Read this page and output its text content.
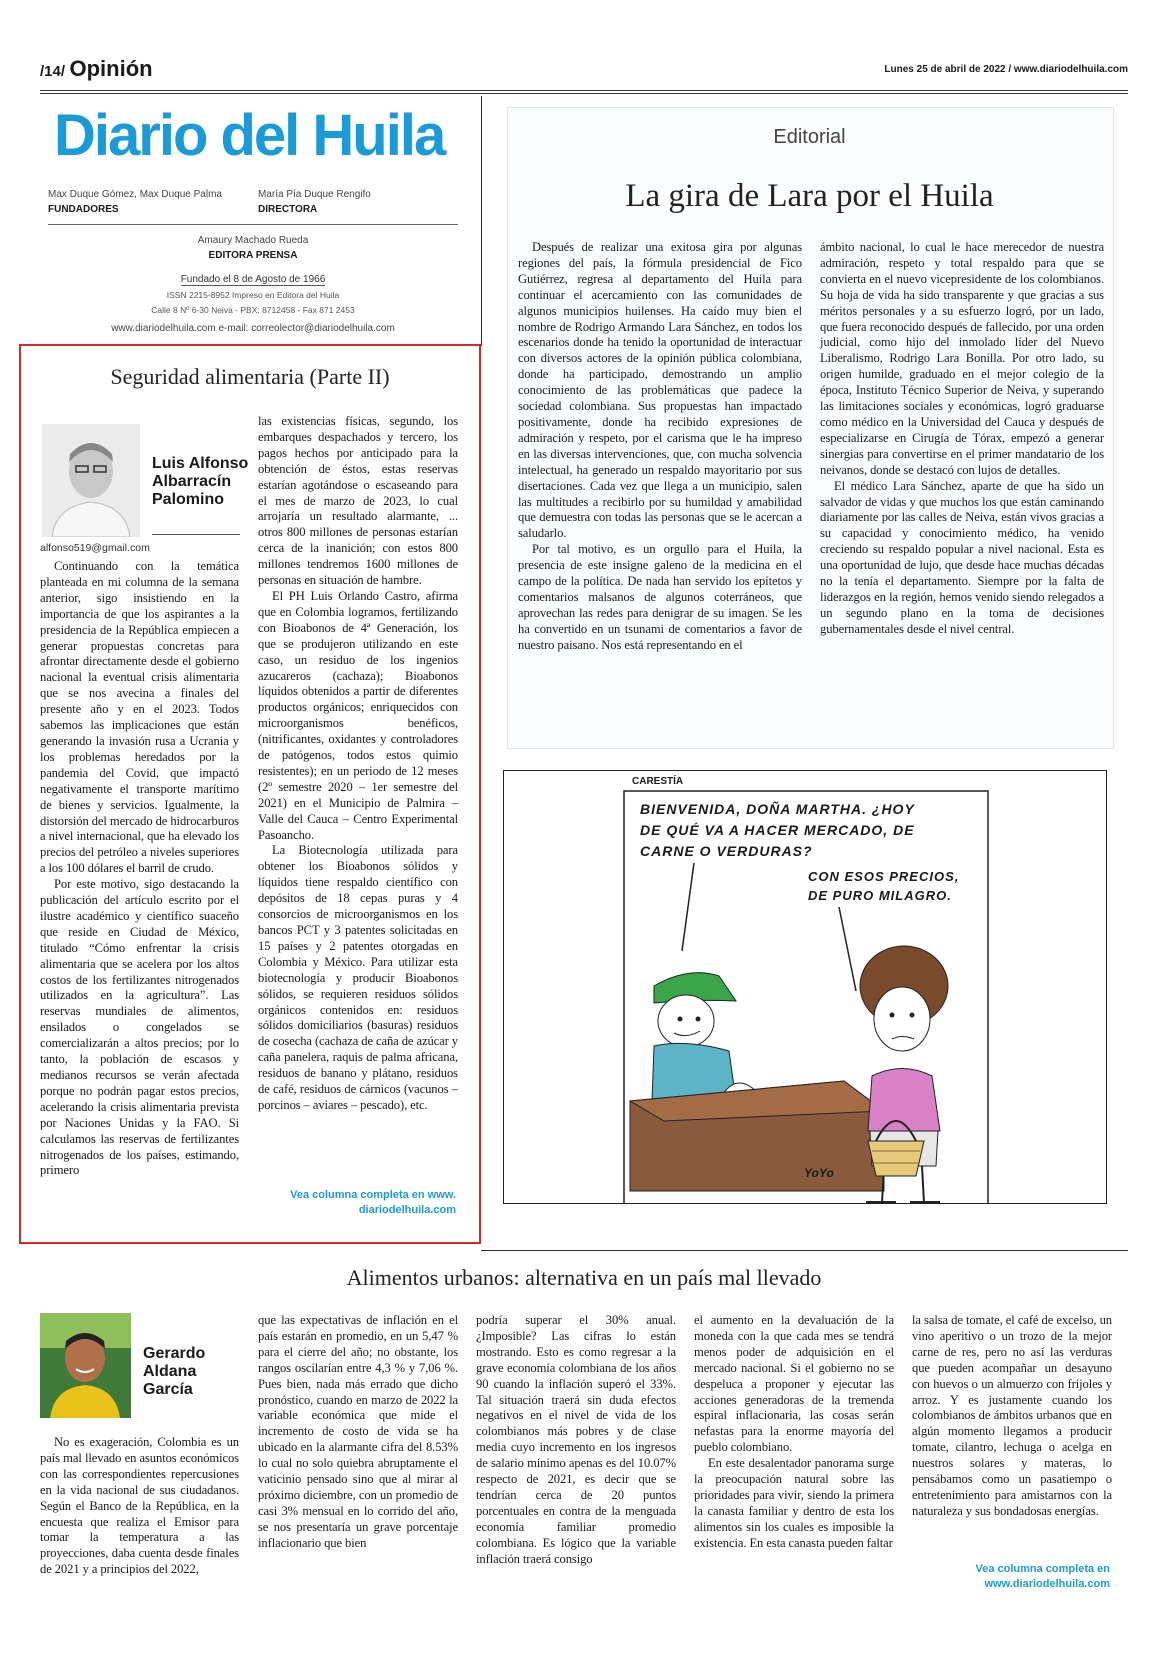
/14/ Opinión	Lunes 25 de abril de 2022 / www.diariodelhuila.com
Diario del Huila
Max Duque Gómez, Max Duque Palma
FUNDADORES
María Pía Duque Rengifo
DIRECTORA
Amaury Machado Rueda
EDITORA PRENSA
Fundado el 8 de Agosto de 1966
ISSN 2215-8952 Impreso en Editora del Huila
Calle 8 Nº 6-30 Neiva - PBX: 8712458 - Fax 871 2453
www.diariodelhuila.com e-mail: correolector@diariodelhuila.com
Editorial
La gira de Lara por el Huila

Después de realizar una exitosa gira por algunas regiones del país, la fórmula presidencial de Fico Gutiérrez, regresa al departamento del Huila para continuar el acercamiento con las comunidades de algunos municipios huilenses. Ha caído muy bien el nombre de Rodrigo Armando Lara Sánchez, en todos los escenarios donde ha tenido la oportunidad de interactuar con diversos actores de la opinión pública colombiana, donde ha participado, demostrando un amplio conocimiento de las problemáticas que padece la sociedad colombiana. Sus propuestas han impactado positivamente, donde ha recibido expresiones de admiración y respeto, por el carisma que le ha impreso en las diversas intervenciones, que, con mucha solvencia intelectual, ha generado un respaldo mayoritario por sus disertaciones. Cada vez que llega a un municipio, salen las multitudes a recibirlo por su humildad y amabilidad que demuestra con todas las personas que se le acercan a saludarlo.

Por tal motivo, es un orgullo para el Huila, la presencia de este insigne galeno de la medicina en el campo de la política. De nada han servido los epítetos y comentarios malsanos de algunos coterráneos, que aprovechan las redes para denigrar de su imagen. Se les ha convertido en un tsunami de comentarios a favor de nuestro paisano. Nos está representando en el

ámbito nacional, lo cual le hace merecedor de nuestra admiración, respeto y total respaldo para que se convierta en el nuevo vicepresidente de los colombianos. Su hoja de vida ha sido transparente y que gracias a sus méritos personales y a su esfuerzo logró, por un lado, que fuera reconocido después de fallecido, por una orden judicial, como hijo del inmolado líder del Nuevo Liberalismo, Rodrigo Lara Bonilla. Por otro lado, su origen humilde, graduado en el mejor colegio de la época, Instituto Técnico Superior de Neiva, y superando las limitaciones sociales y económicas, logró graduarse como médico en la Universidad del Cauca y después de especializarse en Cirugía de Tórax, empezó a generar sinergias para convertirse en el primer mandatario de los neivanos, donde se destacó con lujos de detalles.

El médico Lara Sánchez, aparte de que ha sido un salvador de vidas y que muchos los que están caminando diariamente por las calles de Neiva, están vivos gracias a su capacidad y conocimiento médico, ha venido creciendo su respaldo popular a nivel nacional. Esta es una oportunidad de lujo, que desde hace muchas décadas no la tenía el departamento. Siempre por la falta de liderazgos en la región, hemos venido siendo relegados a un segundo plano en la toma de decisiones gubernamentales desde el nivel central.

Seguridad alimentaria (Parte II)
Luis Alfonso Albarracín Palomino
alfonso519@gmail.com

Continuando con la temática planteada en mi columna de la semana anterior, sigo insistiendo en la importancia de que los aspirantes a la presidencia de la República empiecen a generar propuestas concretas para afrontar directamente desde el gobierno nacional la eventual crisis alimentaria que se nos avecina a finales del presente año y en el 2023. Todos sabemos las implicaciones que están generando la invasión rusa a Ucrania y los problemas heredados por la pandemia del Covid, que impactó negativamente el transporte marítimo de bienes y servicios. Igualmente, la distorsión del mercado de hidrocarburos a nivel internacional, que ha elevado los precios del petróleo a niveles superiores a los 100 dólares el barril de crudo.

Por este motivo, sigo destacando la publicación del artículo escrito por el ilustre académico y científico suaceño que reside en Ciudad de México, titulado “Cómo enfrentar la crisis alimentaria que se acelera por los altos costos de los fertilizantes nitrogenados utilizados en la agricultura”. Las reservas mundiales de alimentos, ensilados o congelados se comercializarán a altos precios; por lo tanto, la población de escasos y medianos recursos se verán afectada porque no podrán pagar estos precios, acelerando la crisis alimentaria prevista por Naciones Unidas y la FAO. Si calculamos las reservas de fertilizantes nitrogenados de los países, estimando, primero

las existencias físicas, segundo, los embarques despachados y tercero, los pagos hechos por anticipado para la obtención de éstos, estas reservas estarían agotándose o escaseando para el mes de marzo de 2023, lo cual arrojaría un resultado alarmante, ... otros 800 millones de personas estarían cerca de la inanición; con estos 800 millones tendremos 1600 millones de personas en situación de hambre.

El PH Luis Orlando Castro, afirma que en Colombia logramos, fertilizando con Bioabonos de 4ª Generación, los que se produjeron utilizando en este caso, un residuo de los ingenios azucareros (cachaza); Bioabonos líquidos obtenidos a partir de diferentes productos orgánicos; enriquecidos con microorganismos benéficos, (nitrificantes, oxidantes y controladores de patógenos, todos estos quimio resistentes); en un periodo de 12 meses (2º semestre 2020 – 1er semestre del 2021) en el Municipio de Palmira – Valle del Cauca – Centro Experimental Pasoancho.

La Biotecnología utilizada para obtener los Bioabonos sólidos y líquidos tiene respaldo científico con depósitos de 18 cepas puras y 4 consorcios de microorganismos en los bancos PCT y 3 patentes solicitadas en 15 países y 2 patentes otorgadas en Colombia y México. Para utilizar esta biotecnología y producir Bioabonos sólidos, se requieren residuos sólidos orgánicos contenidos en: residuos sólidos domiciliarios (basuras) residuos de cosecha (cachaza de caña de azúcar y caña panelera, raquis de palma africana, residuos de banano y plátano, residuos de café, residuos de cárnicos (vacunos – porcinos – aviares – pescado), etc.

Vea columna completa en www. diariodelhuila.com
CARESTÍA
BIENVENIDA, DOÑA MARTHA. ¿HOY DE QUÉ VA A HACER MERCADO, DE CARNE O VERDURAS?
CON ESOS PRECIOS, DE PURO MILAGRO.
YoYo
Alimentos urbanos: alternativa en un país mal llevado
Gerardo Aldana García

No es exageración, Colombia es un país mal llevado en asuntos económicos con las correspondientes repercusiones en la vida nacional de sus ciudadanos. Según el Banco de la República, en la encuesta que realiza el Emisor para tomar la temperatura a las proyecciones, daba cuenta desde finales de 2021 y a principios del 2022,

que las expectativas de inflación en el país estarán en promedio, en un 5,47 % para el cierre del año; no obstante, los rangos oscilarían entre 4,3 % y 7,06 %. Pues bien, nada más errado que dicho pronóstico, cuando en marzo de 2022 la variable económica que mide el incremento de costo de vida se ha ubicado en la alarmante cifra del 8.53% lo cual no solo quiebra abruptamente el vaticinio pensado sino que al mirar al próximo diciembre, con un promedio de casi 3% mensual en lo corrido del año, se nos presentaría un grave porcentaje inflacionario que bien

podría superar el 30% anual. ¿Imposible? Las cifras lo están mostrando. Esto es como regresar a la grave economía colombiana de los años 90 cuando la inflación superó el 33%. Tal situación traerá sin duda efectos negativos en el nivel de vida de los colombianos más pobres y de clase media cuyo incremento en los ingresos de salario mínimo apenas es del 10.07% respecto de 2021, es decir que se tendrían cerca de 20 puntos porcentuales en contra de la menguada economía familiar promedio colombiana. Es lógico que la variable inflación traerá consigo

el aumento en la devaluación de la moneda con la que cada mes se tendrá menos poder de adquisición en el mercado nacional. Si el gobierno no se despeluca a proponer y ejecutar las acciones generadoras de la tremenda espiral inflacionaria, las cosas serán nefastas para la enorme mayoría del pueblo colombiano.

En este desalentador panorama surge la preocupación natural sobre las prioridades para vivir, siendo la primera la canasta familiar y dentro de esta los alimentos sin los cuales es imposible la existencia. En esta canasta pueden faltar

la salsa de tomate, el café de excelso, un vino aperitivo o un trozo de la mejor carne de res, pero no así las verduras que pueden acompañar un desayuno con huevos o un almuerzo con frijoles y arroz. Y es justamente cuando los colombianos de ámbitos urbanos que en algún momento llegamos a producir tomate, cilantro, lechuga o acelga en nuestros solares y materas, lo pensábamos como un pasatiempo o entretenimiento para amistarnos con la naturaleza y sus bondadosas energías.

Vea columna completa en www.diariodelhuila.com
